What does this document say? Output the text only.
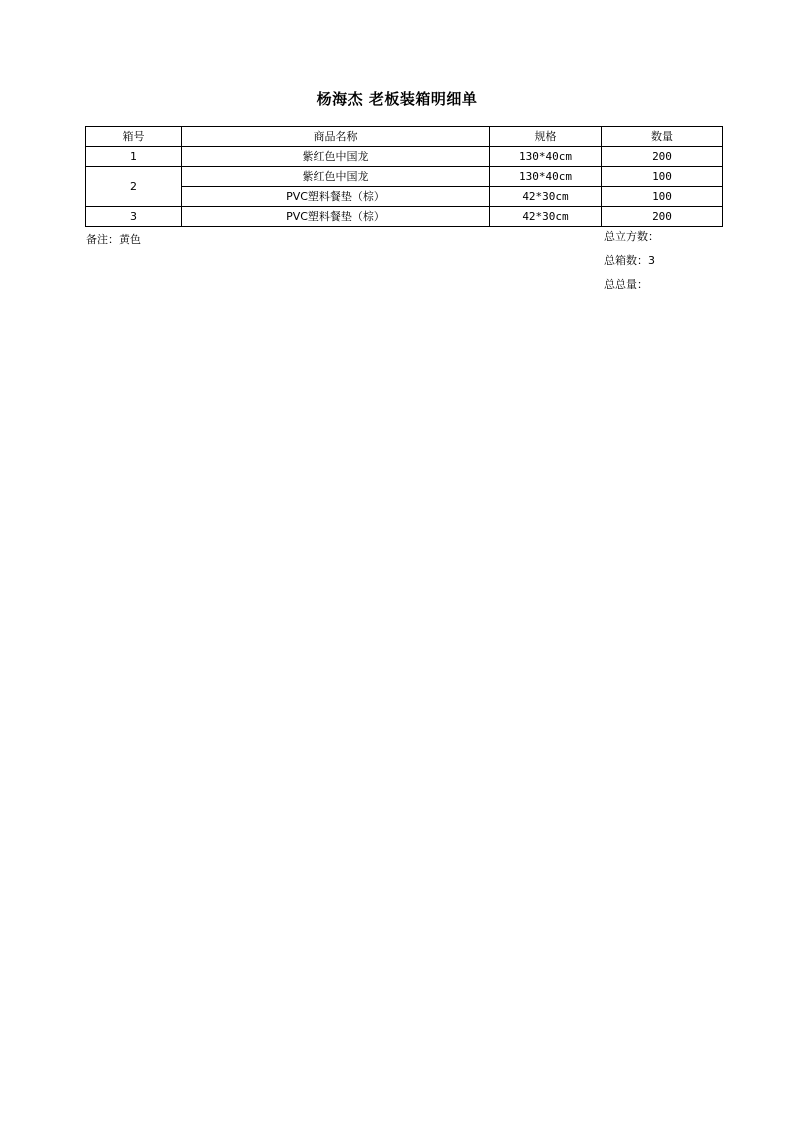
杨海杰 老板装箱明细单
箱号	商品名称	规格	数量
1	紫红色中国龙	130*40cm	200
2	紫红色中国龙	130*40cm	100
	PVC塑料餐垫（棕）	42*30cm	100
3	PVC塑料餐垫（棕）	42*30cm	200
备注：黄色	总立方数：
总箱数：3
总总量：
